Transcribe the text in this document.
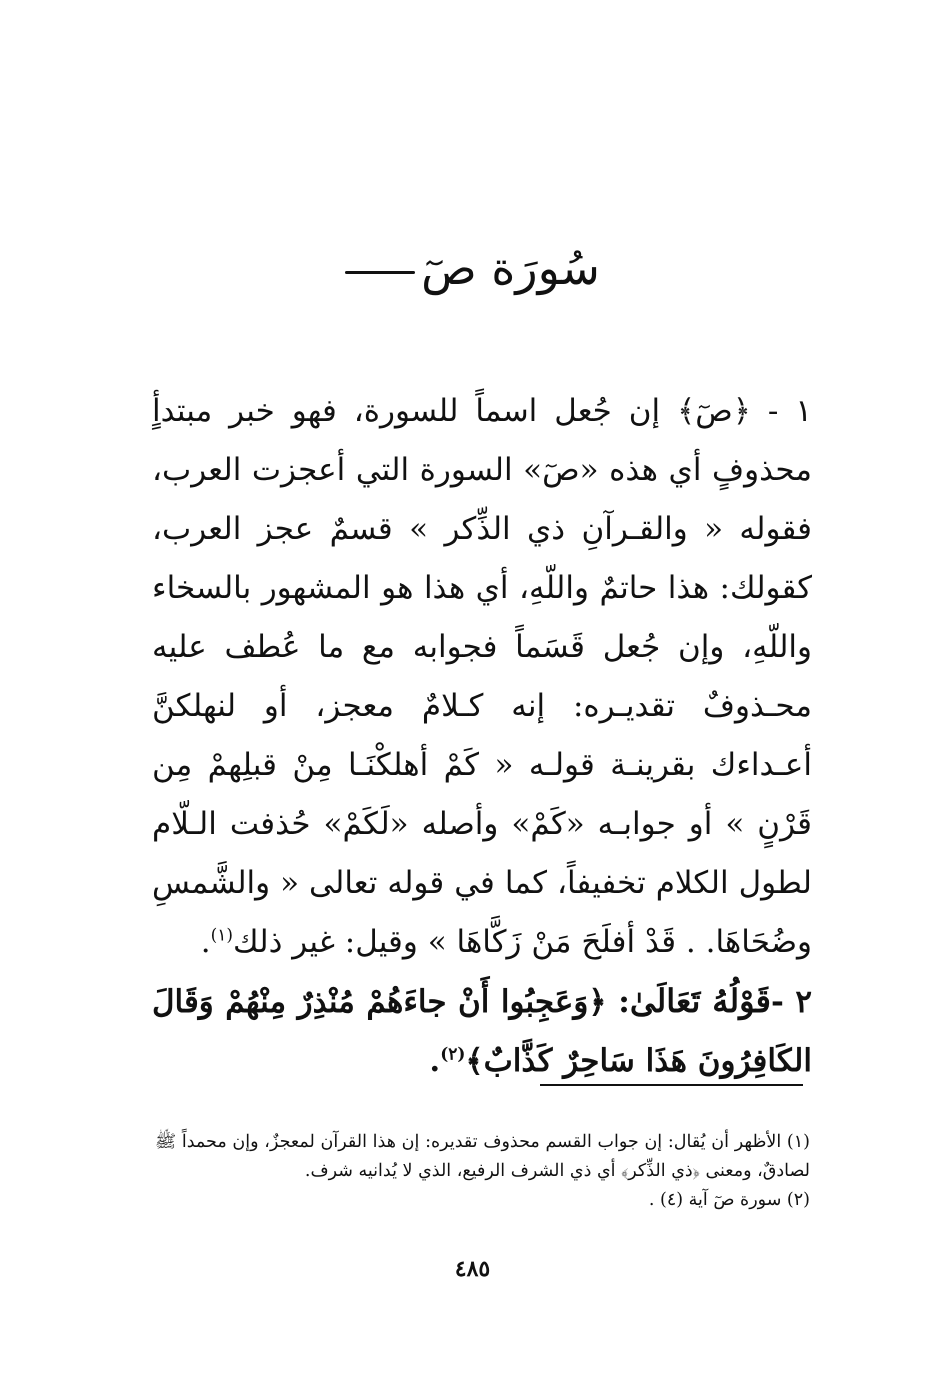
سُورَة صٓ

١ - ﴿صٓ﴾ إن جُعل اسماً للسورة، فهو خبر مبتدأٍ محذوفٍ أي هذه «صٓ» السورة التي أعجزت العرب، فقوله « والقـرآنِ ذي الذِّكر » قسمٌ عجز العرب، كقولك: هذا حاتمٌ واللّهِ، أي هذا هو المشهور بالسخاء واللّهِ، وإن جُعل قَسَماً فجوابه مع ما عُطف عليه محـذوفٌ تقديـره: إنه كـلامٌ معجز، أو لنهلكنَّ أعـداءك بقرينـة قولـه « كَمْ أهلكْنَـا مِنْ قبلِهمْ مِن قَرْنٍ » أو جوابـه «كَمْ» وأصله «لَكَمْ» حُذفت الـلّام لطول الكلام تخفيفاً، كما في قوله تعالى « والشَّمسِ وضُحَاهَا. . قَدْ أفلَحَ مَنْ زَكَّاهَا » وقيل: غير ذلك$^{(١)}$.

٢ -قَوْلُهُ تَعَالَىٰ: ﴿وَعَجِبُوا أَنْ جاءَهُمْ مُنْذِرٌ مِنْهُمْ وَقَالَ الكَافِرُونَ هَذَا سَاحِرٌ كَذَّابٌ﴾$^{(٢)}$.

(١) الأظهر أن يُقال: إن جواب القسم محذوف تقديره: إن هذا القرآن لمعجزٌ، وإن محمداً ﷺ لصادقٌ، ومعنى ﴿ذي الذِّكر﴾ أي ذي الشرف الرفيع، الذي لا يُدانيه شرف.

(٢) سورة صٓ آية (٤) .

٤٨٥
